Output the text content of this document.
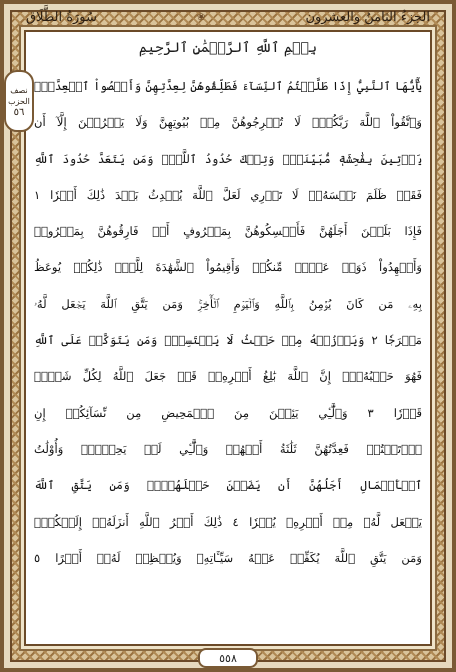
الجزءُ الثامنُ والعشرون
❀
سُورَةُ الطَّلَاقِ
نصف
الحزب
٥٦
بِسۡمِ ٱللَّهِ ٱلرَّحۡمَٰنِ ٱلرَّحِيمِ
يَٰٓأَيُّهَا ٱلنَّبِيُّ إِذَا طَلَّقۡتُمُ ٱلنِّسَآءَ فَطَلِّقُوهُنَّ لِعِدَّتِهِنَّ وَأَحۡصُواْ ٱلۡعِدَّةَۖ
وَٱتَّقُواْ ٱللَّهَ رَبَّكُمۡۖ لَا تُخۡرِجُوهُنَّ مِنۢ بُيُوتِهِنَّ وَلَا يَخۡرُجۡنَ إِلَّآ أَن
يَأۡتِينَ بِفَٰحِشَةٖ مُّبَيِّنَةٖۚ وَتِلۡكَ حُدُودُ ٱللَّهِۚ وَمَن يَتَعَدَّ حُدُودَ ٱللَّهِ
فَقَدۡ ظَلَمَ نَفۡسَهُۥۚ لَا تَدۡرِي لَعَلَّ ٱللَّهَ يُحۡدِثُ بَعۡدَ ذَٰلِكَ أَمۡرٗا ١
فَإِذَا بَلَغۡنَ أَجَلَهُنَّ فَأَمۡسِكُوهُنَّ بِمَعۡرُوفٍ أَوۡ فَارِقُوهُنَّ بِمَعۡرُوفٖ
وَأَشۡهِدُواْ ذَوَيۡ عَدۡلٖ مِّنكُمۡ وَأَقِيمُواْ ٱلشَّهَٰدَةَ لِلَّهِۚ ذَٰلِكُمۡ يُوعَظُ
بِهِۦ مَن كَانَ يُؤۡمِنُ بِٱللَّهِ وَٱلۡيَوۡمِ ٱلۡأٓخِرِۚ وَمَن يَتَّقِ ٱللَّهَ يَجۡعَل لَّهُۥ
مَخۡرَجٗا ٢ وَيَرۡزُقۡهُ مِنۡ حَيۡثُ لَا يَحۡتَسِبُۚ وَمَن يَتَوَكَّلۡ عَلَى ٱللَّهِ
فَهُوَ حَسۡبُهُۥٓۚ إِنَّ ٱللَّهَ بَٰلِغُ أَمۡرِهِۦۚ قَدۡ جَعَلَ ٱللَّهُ لِكُلِّ شَيۡءٖ
قَدۡرٗا ٣ وَٱلَّٰٓـِٔي يَئِسۡنَ مِنَ ٱلۡمَحِيضِ مِن نِّسَآئِكُمۡ إِنِ
ٱرۡتَبۡتُمۡ فَعِدَّتُهُنَّ ثَلَٰثَةُ أَشۡهُرٖ وَٱلَّٰٓـِٔي لَمۡ يَحِضۡنَۚ وَأُوْلَٰتُ
ٱلۡأَحۡمَالِ أَجَلُهُنَّ أَن يَضَعۡنَ حَمۡلَهُنَّۚ وَمَن يَتَّقِ ٱللَّهَ
يَجۡعَل لَّهُۥ مِنۡ أَمۡرِهِۦ يُسۡرٗا ٤ ذَٰلِكَ أَمۡرُ ٱللَّهِ أَنزَلَهُۥٓ إِلَيۡكُمۡۚ
وَمَن يَتَّقِ ٱللَّهَ يُكَفِّرۡ عَنۡهُ سَيِّـَٔاتِهِۦ وَيُعۡظِمۡ لَهُۥٓ أَجۡرًا ٥
٥٥٨
